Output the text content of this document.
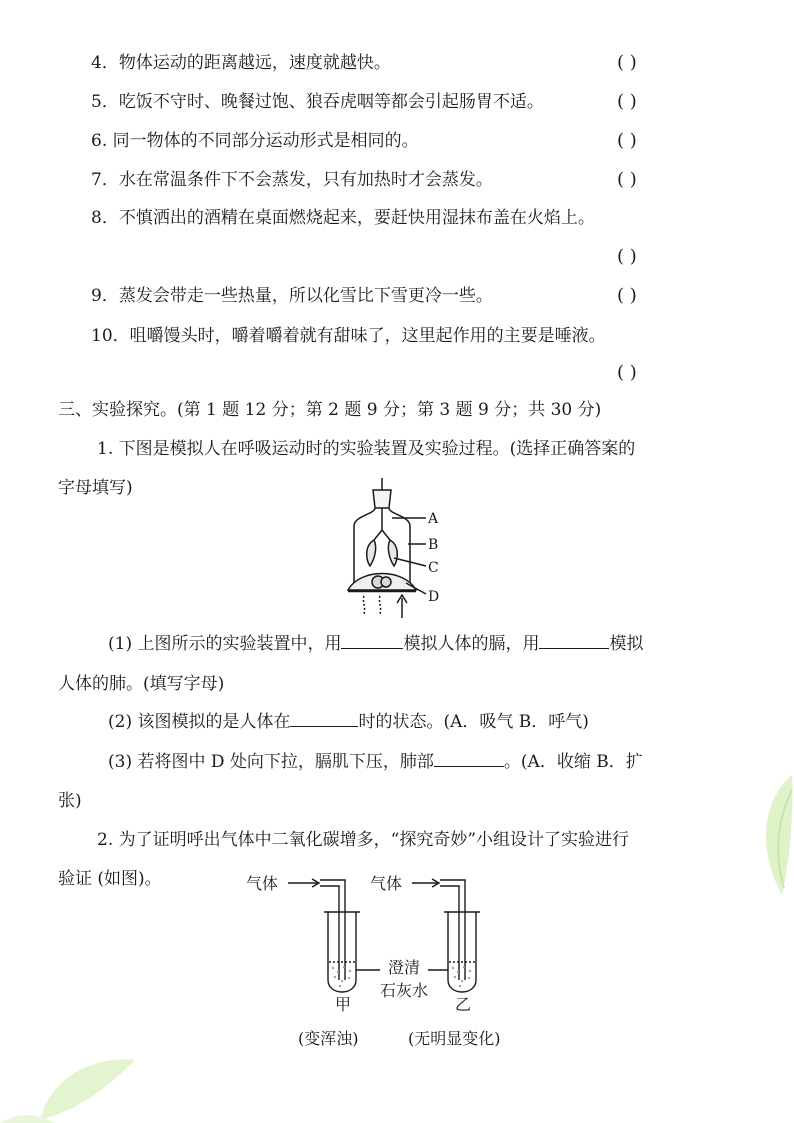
4．物体运动的距离越远，速度就越快。	( )
5．吃饭不守时、晚餐过饱、狼吞虎咽等都会引起肠胃不适。	( )
6. 同一物体的不同部分运动形式是相同的。	( )
7．水在常温条件下不会蒸发，只有加热时才会蒸发。	( )
8．不慎洒出的酒精在桌面燃烧起来，要赶快用湿抹布盖在火焰上。
( )
9．蒸发会带走一些热量，所以化雪比下雪更冷一些。	( )
10．咀嚼馒头时，嚼着嚼着就有甜味了，这里起作用的主要是唾液。
( )
三、实验探究。(第 1 题 12 分；第 2 题 9 分；第 3 题 9 分；共 30 分)
1. 下图是模拟人在呼吸运动时的实验装置及实验过程。(选择正确答案的
字母填写)
A
B
C
D
(1) 上图所示的实验装置中，用	模拟人体的膈，用	模拟
人体的肺。(填写字母)
(2) 该图模拟的是人体在	时的状态。(A．吸气 B．呼气)
(3) 若将图中 D 处向下拉，膈肌下压，肺部	。(A．收缩 B．扩
张)
2. 为了证明呼出气体中二氧化碳增多，“探究奇妙”小组设计了实验进行
验证 (如图)。	气体	气体
澄清
石灰水
甲	乙
(变浑浊)	(无明显变化)
